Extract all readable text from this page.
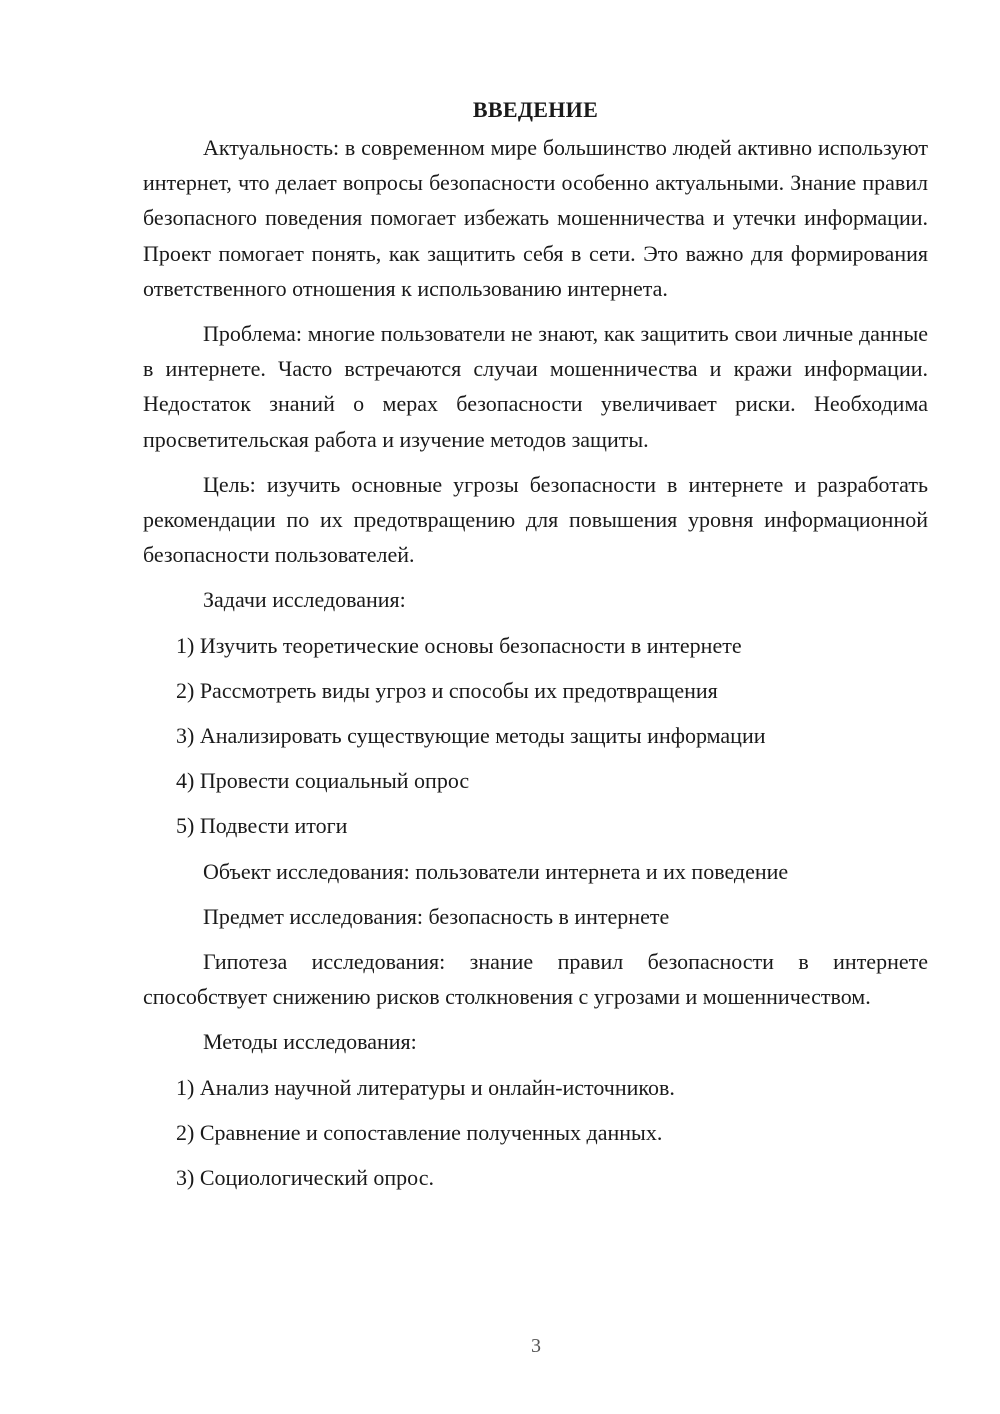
ВВЕДЕНИЕ

Актуальность: в современном мире большинство людей активно используют интернет, что делает вопросы безопасности особенно актуальными. Знание правил безопасного поведения помогает избежать мошенничества и утечки информации. Проект помогает понять, как защитить себя в сети. Это важно для формирования ответственного отношения к использованию интернета.

Проблема: многие пользователи не знают, как защитить свои личные данные в интернете. Часто встречаются случаи мошенничества и кражи информации. Недостаток знаний о мерах безопасности увеличивает риски. Необходима просветительская работа и изучение методов защиты.

Цель: изучить основные угрозы безопасности в интернете и разработать рекомендации по их предотвращению для повышения уровня информационной безопасности пользователей.

Задачи исследования:

1) Изучить теоретические основы безопасности в интернете
2) Рассмотреть виды угроз и способы их предотвращения
3) Анализировать существующие методы защиты информации
4) Провести социальный опрос
5) Подвести итоги

Объект исследования: пользователи интернета и их поведение

Предмет исследования: безопасность в интернете

Гипотеза исследования: знание правил безопасности в интернете способствует снижению рисков столкновения с угрозами и мошенничеством.

Методы исследования:

1) Анализ научной литературы и онлайн-источников.
2) Сравнение и сопоставление полученных данных.
3) Социологический опрос.
3
